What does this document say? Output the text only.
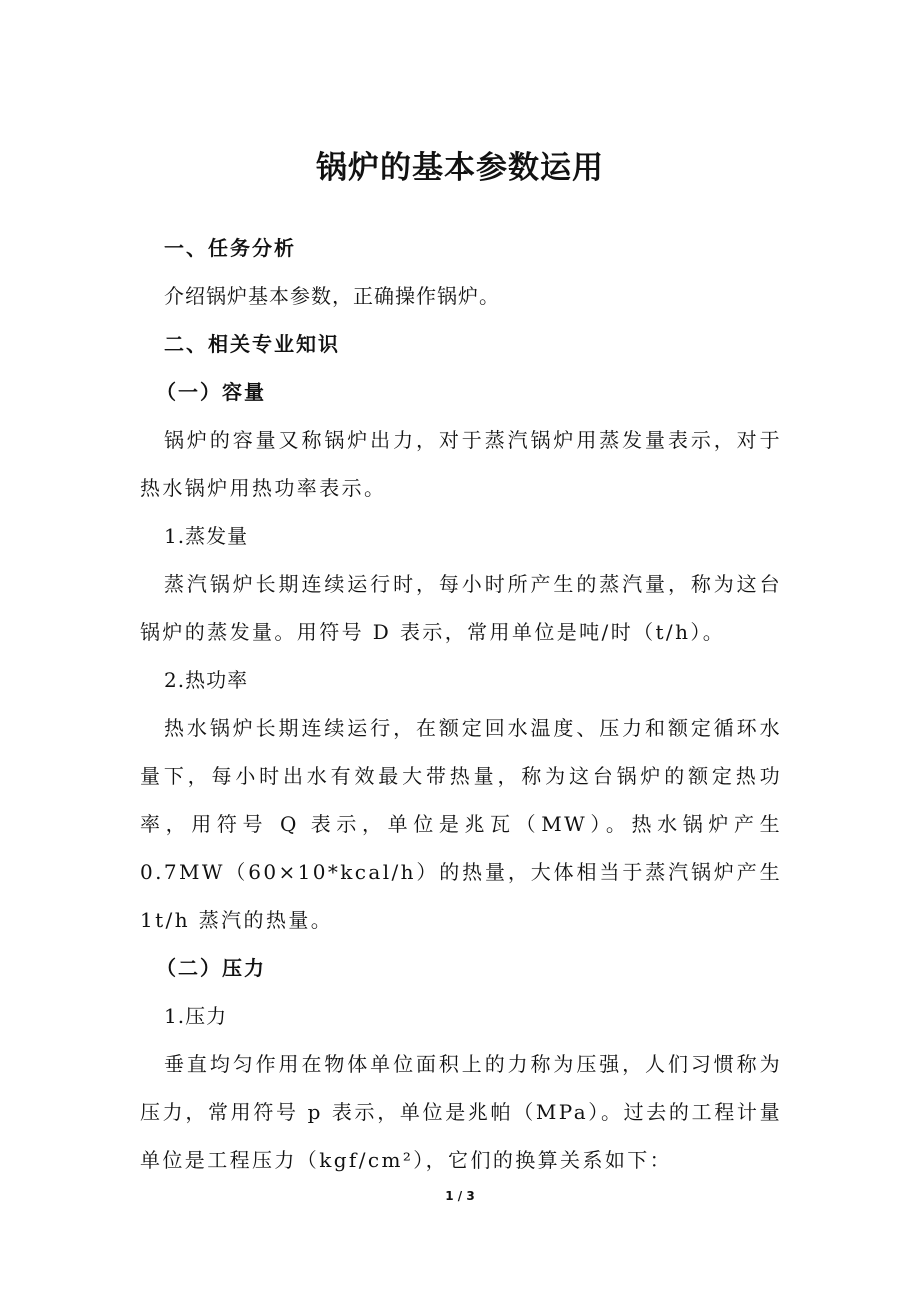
锅炉的基本参数运用

一、任务分析

介绍锅炉基本参数，正确操作锅炉。

二、相关专业知识

（一）容量

锅炉的容量又称锅炉出力，对于蒸汽锅炉用蒸发量表示，对于热水锅炉用热功率表示。

1.蒸发量

蒸汽锅炉长期连续运行时，每小时所产生的蒸汽量，称为这台锅炉的蒸发量。用符号 D 表示，常用单位是吨/时（t/h）。

2.热功率

热水锅炉长期连续运行，在额定回水温度、压力和额定循环水量下，每小时出水有效最大带热量，称为这台锅炉的额定热功率，用符号 Q 表示，单位是兆瓦（MW）。热水锅炉产生 0.7MW（60×10*kcal/h）的热量，大体相当于蒸汽锅炉产生 1t/h 蒸汽的热量。

（二）压力

1.压力

垂直均匀作用在物体单位面积上的力称为压强，人们习惯称为压力，常用符号 p 表示，单位是兆帕（MPa）。过去的工程计量单位是工程压力（kgf/cm²），它们的换算关系如下：

1 / 3
